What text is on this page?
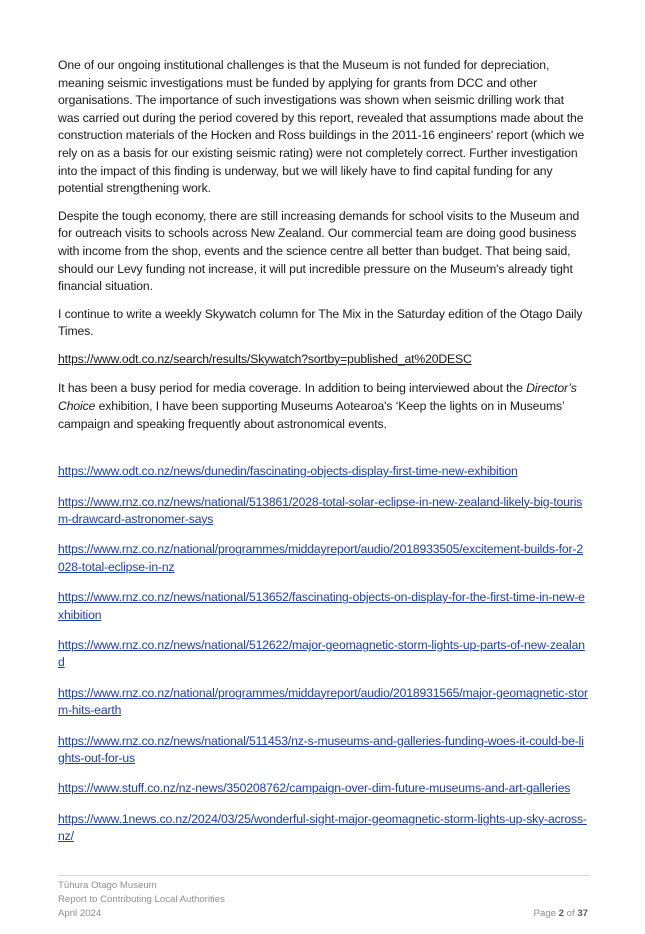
One of our ongoing institutional challenges is that the Museum is not funded for depreciation, meaning seismic investigations must be funded by applying for grants from DCC and other organisations. The importance of such investigations was shown when seismic drilling work that was carried out during the period covered by this report, revealed that assumptions made about the construction materials of the Hocken and Ross buildings in the 2011-16 engineers' report (which we rely on as a basis for our existing seismic rating) were not completely correct. Further investigation into the impact of this finding is underway, but we will likely have to find capital funding for any potential strengthening work.

Despite the tough economy, there are still increasing demands for school visits to the Museum and for outreach visits to schools across New Zealand. Our commercial team are doing good business with income from the shop, events and the science centre all better than budget. That being said, should our Levy funding not increase, it will put incredible pressure on the Museum's already tight financial situation.

I continue to write a weekly Skywatch column for The Mix in the Saturday edition of the Otago Daily Times.

https://www.odt.co.nz/search/results/Skywatch?sortby=published_at%20DESC

It has been a busy period for media coverage. In addition to being interviewed about the Director’s Choice exhibition, I have been supporting Museums Aotearoa's ‘Keep the lights on in Museums’ campaign and speaking frequently about astronomical events.

https://www.odt.co.nz/news/dunedin/fascinating-objects-display-first-time-new-exhibition
https://www.rnz.co.nz/news/national/513861/2028-total-solar-eclipse-in-new-zealand-likely-big-tourism-drawcard-astronomer-says
https://www.rnz.co.nz/national/programmes/middayreport/audio/2018933505/excitement-builds-for-2028-total-eclipse-in-nz
https://www.rnz.co.nz/news/national/513652/fascinating-objects-on-display-for-the-first-time-in-new-exhibition
https://www.rnz.co.nz/news/national/512622/major-geomagnetic-storm-lights-up-parts-of-new-zealand
https://www.rnz.co.nz/national/programmes/middayreport/audio/2018931565/major-geomagnetic-storm-hits-earth
https://www.rnz.co.nz/news/national/511453/nz-s-museums-and-galleries-funding-woes-it-could-be-lights-out-for-us
https://www.stuff.co.nz/nz-news/350208762/campaign-over-dim-future-museums-and-art-galleries
https://www.1news.co.nz/2024/03/25/wonderful-sight-major-geomagnetic-storm-lights-up-sky-across-nz/
Tūhura Otago Museum
Report to Contributing Local Authorities
April 2024	Page 2 of 37
